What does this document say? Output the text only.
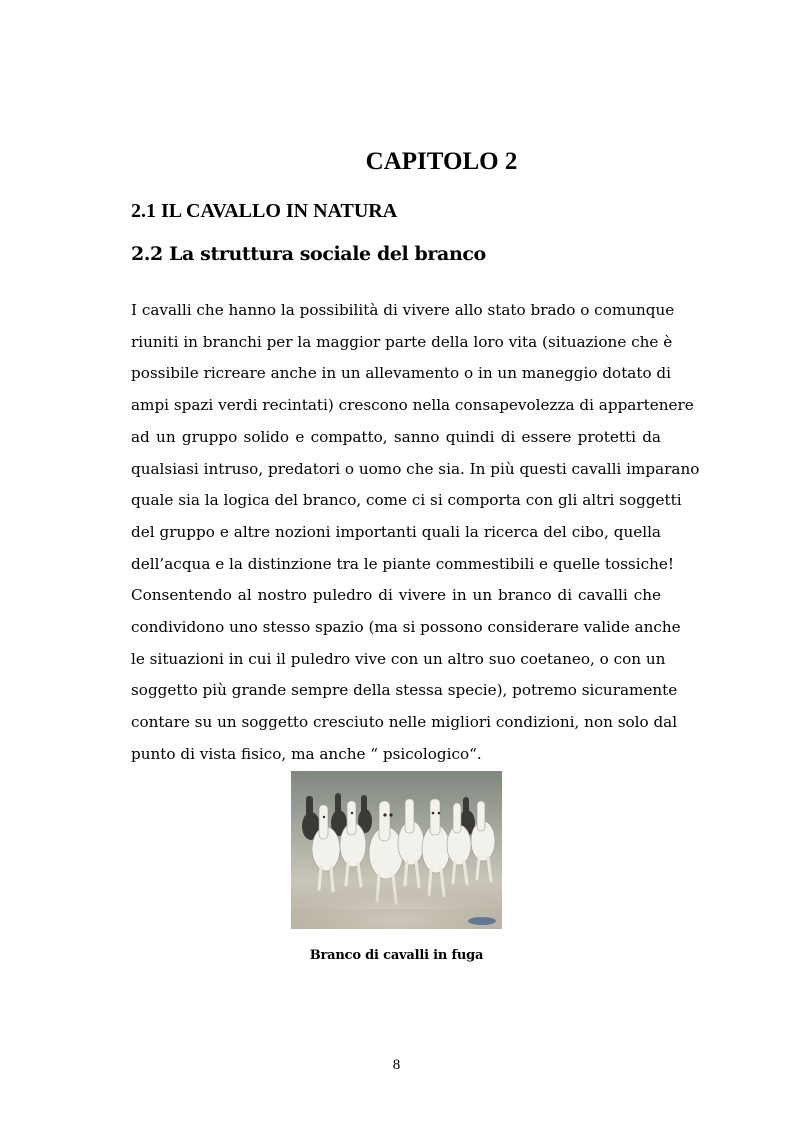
CAPITOLO 2
2.1 IL CAVALLO IN NATURA
2.2 La struttura sociale del branco

I cavalli che hanno la possibilità di vivere allo stato brado o comunque
riuniti in branchi per la maggior parte della loro vita (situazione che è
possibile ricreare anche in un allevamento o in un maneggio dotato di
ampi spazi verdi recintati) crescono nella consapevolezza di appartenere
ad un gruppo solido e compatto, sanno quindi di essere protetti da
qualsiasi intruso, predatori o uomo che sia. In più questi cavalli imparano
quale sia la logica del branco, come ci si comporta con gli altri soggetti
del gruppo e altre nozioni importanti quali la ricerca del cibo, quella
dell’acqua e la distinzione tra le piante commestibili e quelle tossiche!
Consentendo al nostro puledro di vivere in un branco di cavalli che
condividono uno stesso spazio (ma si possono considerare valide anche
le situazioni in cui il puledro vive con un altro suo coetaneo, o con un
soggetto più grande sempre della stessa specie), potremo sicuramente
contare su un soggetto cresciuto nelle migliori condizioni, non solo dal
punto di vista fisico, ma anche “ psicologico“.

Branco di cavalli in fuga

8
